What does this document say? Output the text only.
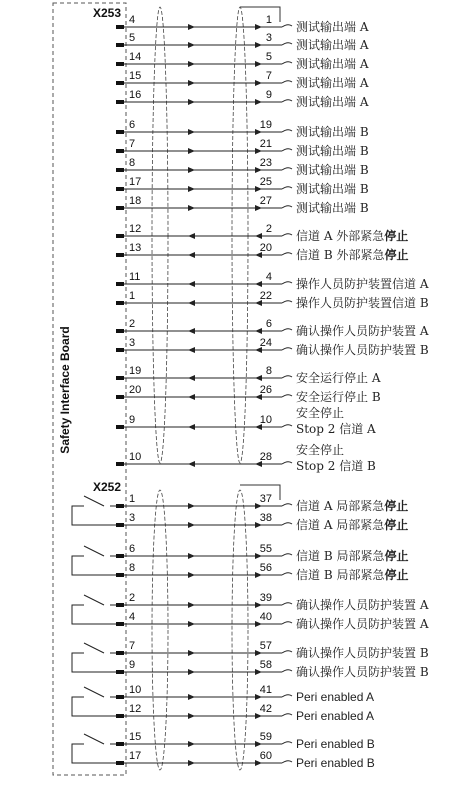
Safety Interface Board
X253
X252
4	1 测试输出端 A
5	3 测试输出端 A
14	5 测试输出端 A
15	7 测试输出端 A
16	9 测试输出端 A
6	19 测试输出端 B
7	21 测试输出端 B
8	23 测试输出端 B
17	25 测试输出端 B
18	27 测试输出端 B
12	2 信道 A 外部紧急停止
13	20 信道 B 外部紧急停止
11	4 操作人员防护装置信道 A
1	22 操作人员防护装置信道 B
2	6 确认操作人员防护装置 A
3	24 确认操作人员防护装置 B
19	8 安全运行停止 A
20	26 安全运行停止 B
9	10 安全停止
Stop 2 信道 A
10	28 安全停止
Stop 2 信道 B
1	37 信道 A 局部紧急停止
3	38 信道 A 局部紧急停止
6	55 信道 B 局部紧急停止
8	56 信道 B 局部紧急停止
2	39 确认操作人员防护装置 A
4	40 确认操作人员防护装置 A
7	57 确认操作人员防护装置 B
9	58 确认操作人员防护装置 B
10	41 Peri enabled A
12	42 Peri enabled A
15	59 Peri enabled B
17	60 Peri enabled B
